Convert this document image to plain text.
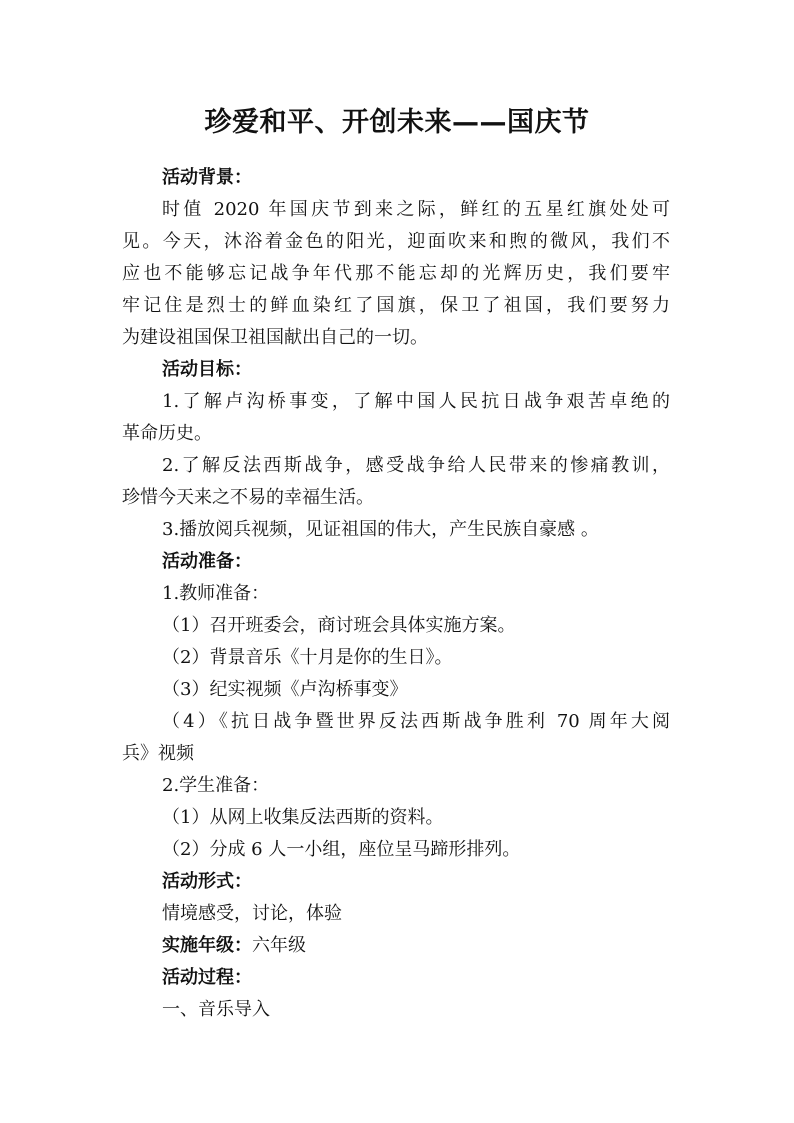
珍爱和平、开创未来——国庆节
活动背景：
时值 2020 年国庆节到来之际，鲜红的五星红旗处处可
见。今天，沐浴着金色的阳光，迎面吹来和煦的微风，我们不
应也不能够忘记战争年代那不能忘却的光辉历史，我们要牢
牢记住是烈士的鲜血染红了国旗，保卫了祖国，我们要努力
为建设祖国保卫祖国献出自己的一切。
活动目标：
1.了解卢沟桥事变，了解中国人民抗日战争艰苦卓绝的
革命历史。
2.了解反法西斯战争，感受战争给人民带来的惨痛教训，
珍惜今天来之不易的幸福生活。
3.播放阅兵视频，见证祖国的伟大，产生民族自豪感 。
活动准备：
1.教师准备：
（1）召开班委会，商讨班会具体实施方案。
（2）背景音乐《十月是你的生日》。
（3）纪实视频《卢沟桥事变》
（4）《抗日战争暨世界反法西斯战争胜利 70 周年大阅
兵》视频
2.学生准备：
（1）从网上收集反法西斯的资料。
（2）分成 6 人一小组，座位呈马蹄形排列。
活动形式：
情境感受，讨论，体验
实施年级：六年级
活动过程：
一、音乐导入
